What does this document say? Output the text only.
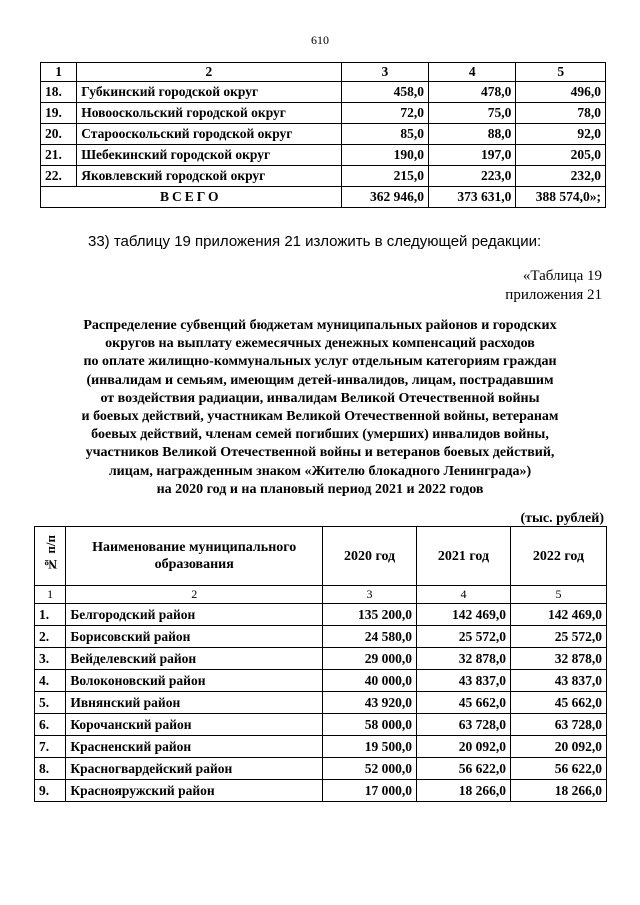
610
1	2	3	4	5
18.	Губкинский городской округ	458,0	478,0	496,0
19.	Новооскольский городской округ	72,0	75,0	78,0
20.	Старооскольский городской округ	85,0	88,0	92,0
21.	Шебекинский городской округ	190,0	197,0	205,0
22.	Яковлевский городской округ	215,0	223,0	232,0
ВСЕГО		362 946,0	373 631,0	388 574,0»;
33) таблицу 19 приложения 21 изложить в следующей редакции:
«Таблица 19
приложения 21
Распределение субвенций бюджетам муниципальных районов и городских
округов на выплату ежемесячных денежных компенсаций расходов
по оплате жилищно-коммунальных услуг отдельным категориям граждан
(инвалидам и семьям, имеющим детей-инвалидов, лицам, пострадавшим
от воздействия радиации, инвалидам Великой Отечественной войны
и боевых действий, участникам Великой Отечественной войны, ветеранам
боевых действий, членам семей погибших (умерших) инвалидов войны,
участников Великой Отечественной войны и ветеранов боевых действий,
лицам, награжденным знаком «Жителю блокадного Ленинграда»)
на 2020 год и на плановый период 2021 и 2022 годов
(тыс. рублей)
№ п/п	Наименование муниципального образования	2020 год	2021 год	2022 год
1	2	3	4	5
1.	Белгородский район	135 200,0	142 469,0	142 469,0
2.	Борисовский район	24 580,0	25 572,0	25 572,0
3.	Вейделевский район	29 000,0	32 878,0	32 878,0
4.	Волоконовский район	40 000,0	43 837,0	43 837,0
5.	Ивнянский район	43 920,0	45 662,0	45 662,0
6.	Корочанский район	58 000,0	63 728,0	63 728,0
7.	Красненский район	19 500,0	20 092,0	20 092,0
8.	Красногвардейский район	52 000,0	56 622,0	56 622,0
9.	Краснояружский район	17 000,0	18 266,0	18 266,0
